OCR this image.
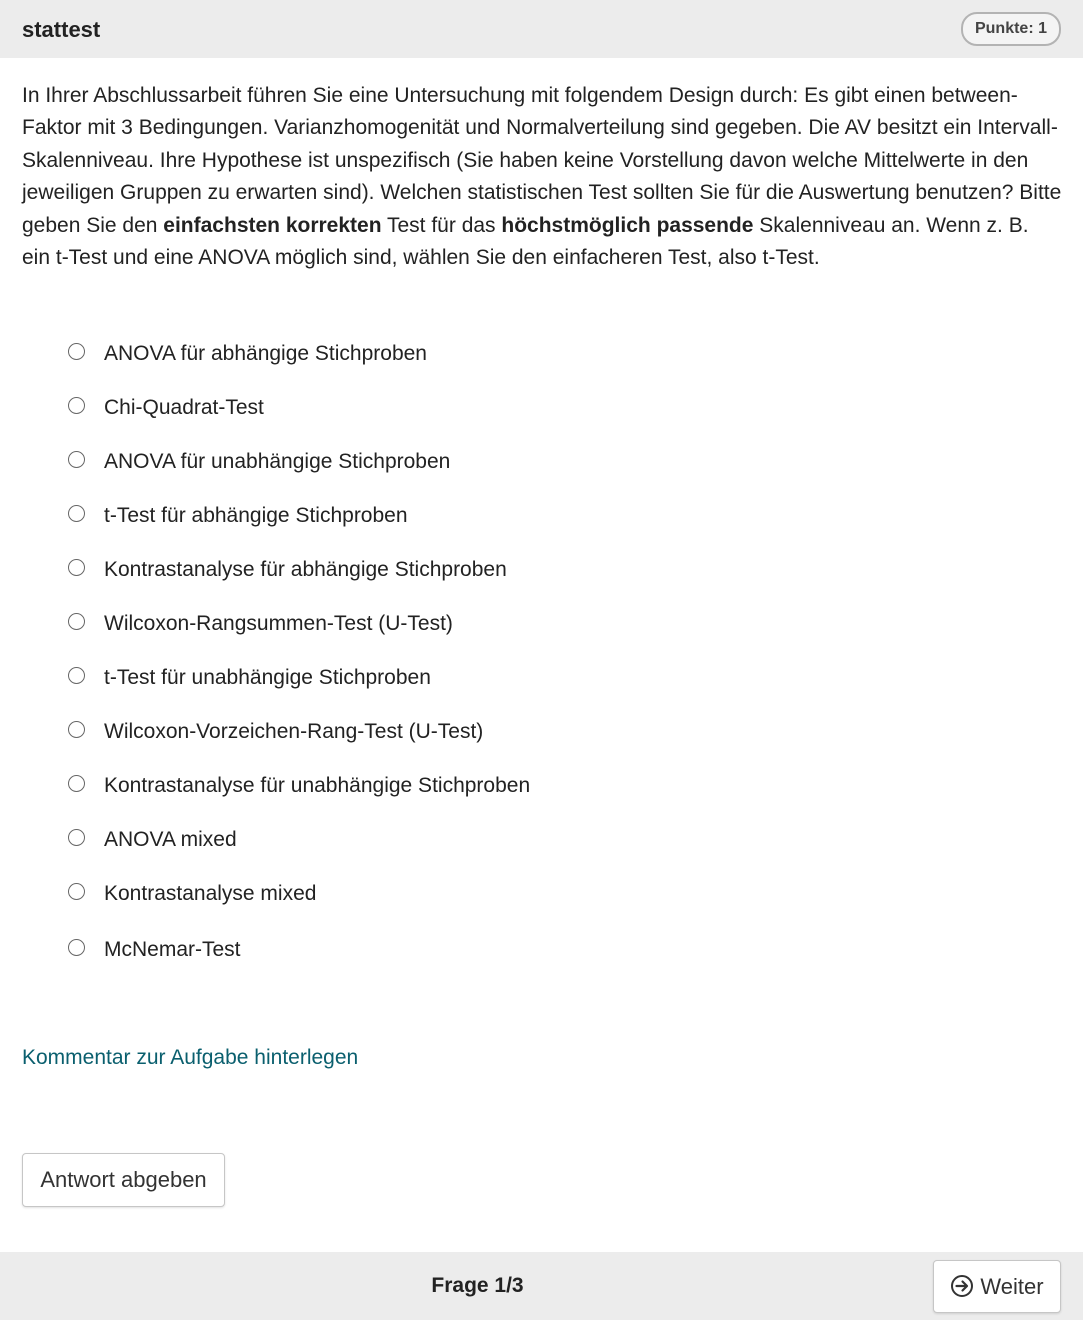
stattest	Punkte: 1
In Ihrer Abschlussarbeit führen Sie eine Untersuchung mit folgendem Design durch: Es gibt einen between-Faktor mit 3 Bedingungen. Varianzhomogenität und Normalverteilung sind gegeben. Die AV besitzt ein Intervall-Skalenniveau. Ihre Hypothese ist unspezifisch (Sie haben keine Vorstellung davon welche Mittelwerte in den jeweiligen Gruppen zu erwarten sind). Welchen statistischen Test sollten Sie für die Auswertung benutzen? Bitte geben Sie den einfachsten korrekten Test für das höchstmöglich passende Skalenniveau an. Wenn z. B. ein t-Test und eine ANOVA möglich sind, wählen Sie den einfacheren Test, also t-Test.
ANOVA für abhängige Stichproben
Chi-Quadrat-Test
ANOVA für unabhängige Stichproben
t-Test für abhängige Stichproben
Kontrastanalyse für abhängige Stichproben
Wilcoxon-Rangsummen-Test (U-Test)
t-Test für unabhängige Stichproben
Wilcoxon-Vorzeichen-Rang-Test (U-Test)
Kontrastanalyse für unabhängige Stichproben
ANOVA mixed
Kontrastanalyse mixed
McNemar-Test
Kommentar zur Aufgabe hinterlegen
Antwort abgeben
Frage 1/3	Weiter
